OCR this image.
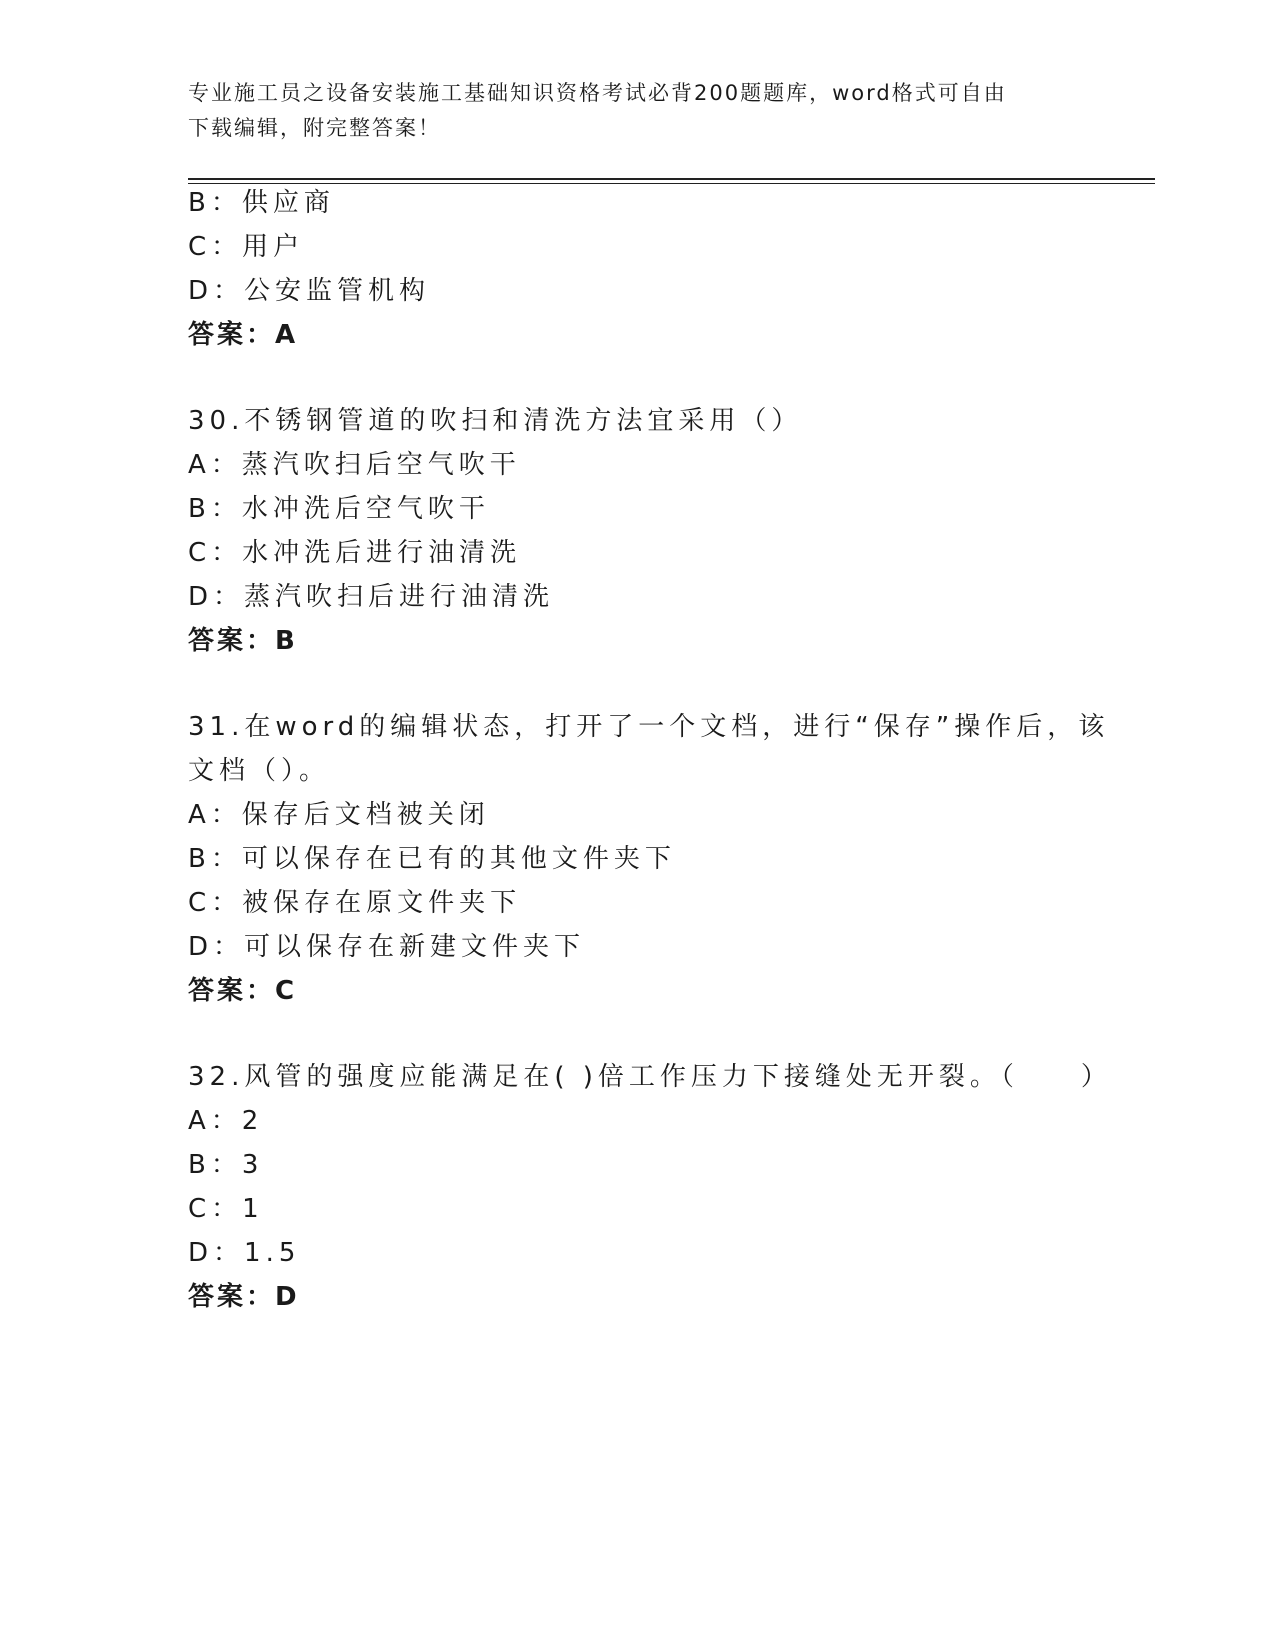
专业施工员之设备安装施工基础知识资格考试必背200题题库，word格式可自由
下载编辑，附完整答案！
B：供应商
C：用户
D：公安监管机构
答案：A
30.不锈钢管道的吹扫和清洗方法宜采用（）
A：蒸汽吹扫后空气吹干
B：水冲洗后空气吹干
C：水冲洗后进行油清洗
D：蒸汽吹扫后进行油清洗
答案：B
31.在word的编辑状态，打开了一个文档，进行“保存”操作后，该
文档（）。
A：保存后文档被关闭
B：可以保存在已有的其他文件夹下
C：被保存在原文件夹下
D：可以保存在新建文件夹下
答案：C
32.风管的强度应能满足在( )倍工作压力下接缝处无开裂。（　　）
A：2
B：3
C：1
D：1.5
答案：D
